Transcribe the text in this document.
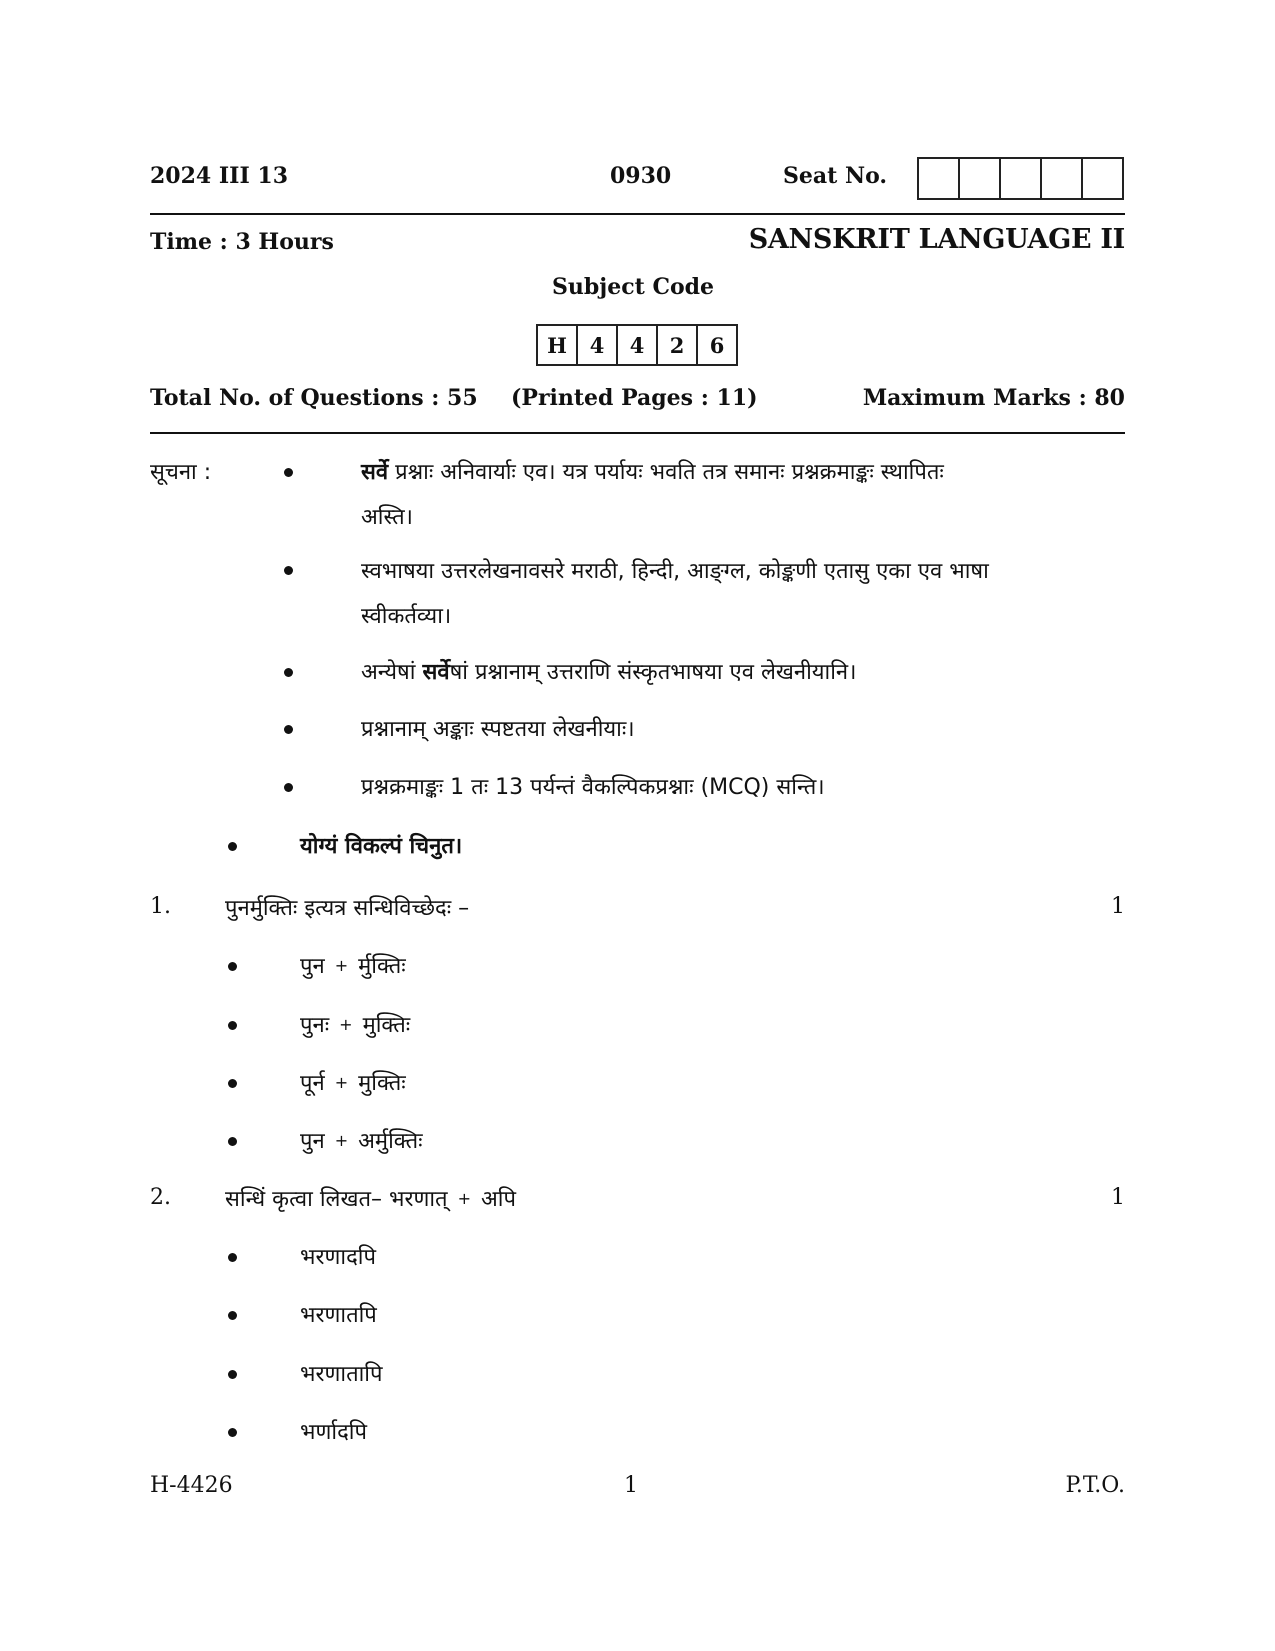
2024 III 13	0930	Seat No.
Time : 3 Hours	SANSKRIT LANGUAGE II
Subject Code
H	4	4	2	6
Total No. of Questions : 55 (Printed Pages : 11)	Maximum Marks : 80
सूचना :	सर्वे प्रश्नाः अनिवार्याः एव। यत्र पर्यायः भवति तत्र समानः प्रश्नक्रमाङ्कः स्थापितः
अस्ति।
स्वभाषया उत्तरलेखनावसरे मराठी, हिन्दी, आङ्ग्ल, कोङ्कणी एतासु एका एव भाषा
स्वीकर्तव्या।
अन्येषां सर्वेषां प्रश्नानाम् उत्तराणि संस्कृतभाषया एव लेखनीयानि।
प्रश्नानाम् अङ्काः स्पष्टतया लेखनीयाः।
प्रश्नक्रमाङ्कः 1 तः 13 पर्यन्तं वैकल्पिकप्रश्नाः (MCQ) सन्ति।
योग्यं विकल्पं चिनुत।
1. पुनर्मुक्तिः इत्यत्र सन्धिविच्छेदः –	1
पुन + र्मुक्तिः
पुनः + मुक्तिः
पूर्न + मुक्तिः
पुन + अर्मुक्तिः
2. सन्धिं कृत्वा लिखत– भरणात् + अपि	1
भरणादपि
भरणातपि
भरणातापि
भर्णादपि
H-4426	1	P.T.O.
